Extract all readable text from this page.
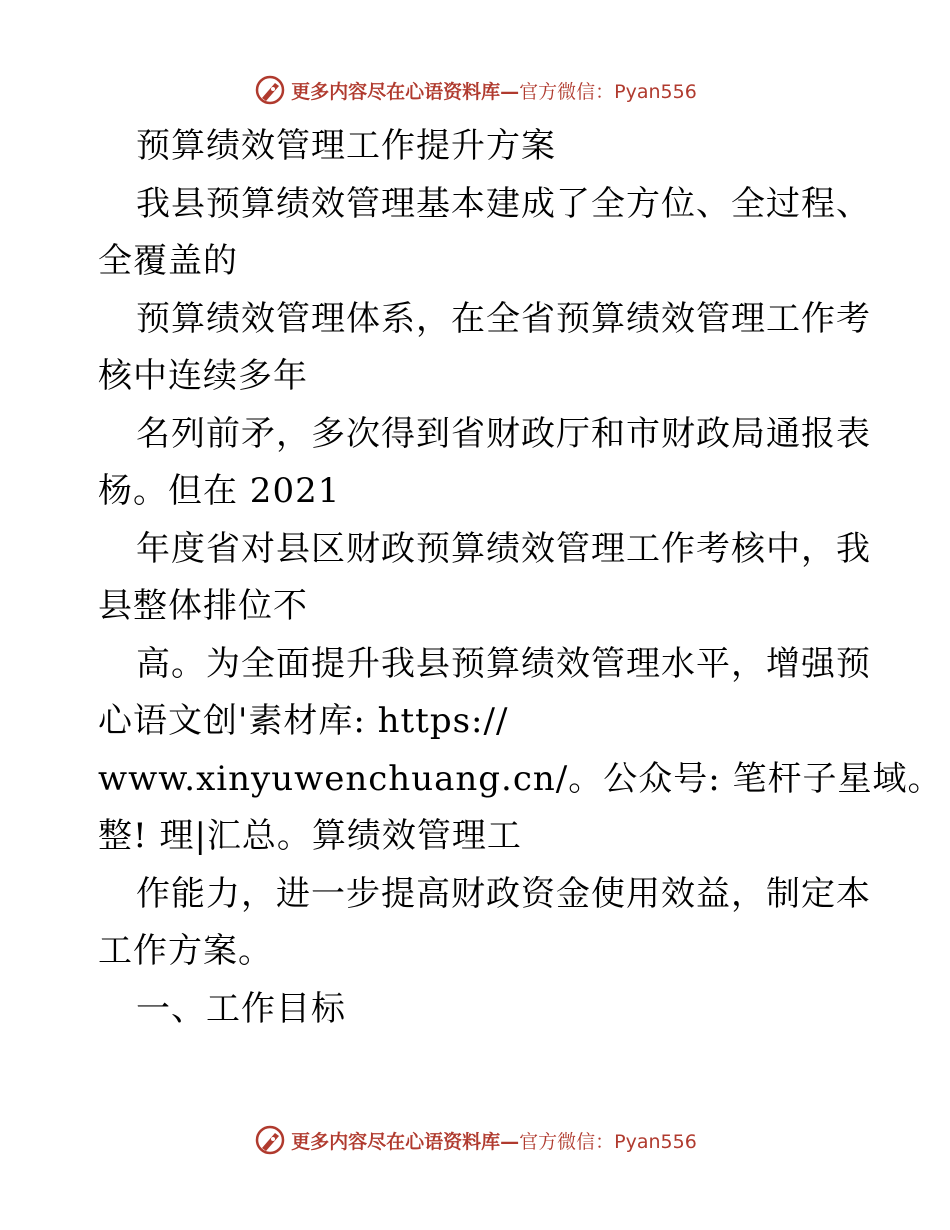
更多内容尽在心语资料库— 官方微信：Pyan556
预算绩效管理工作提升方案
我县预算绩效管理基本建成了全方位、全过程、
全覆盖的
预算绩效管理体系，在全省预算绩效管理工作考
核中连续多年
名列前矛，多次得到省财政厅和市财政局通报表
杨。但在 2021
年度省对县区财政预算绩效管理工作考核中，我
县整体排位不
高。为全面提升我县预算绩效管理水平，增强预
心语文创'素材库: https://
www.xinyuwenchuang.cn/。公众号: 笔杆子星域。
整! 理|汇总。算绩效管理工
作能力，进一步提高财政资金使用效益，制定本
工作方案。
一、工作目标
更多内容尽在心语资料库— 官方微信：Pyan556
